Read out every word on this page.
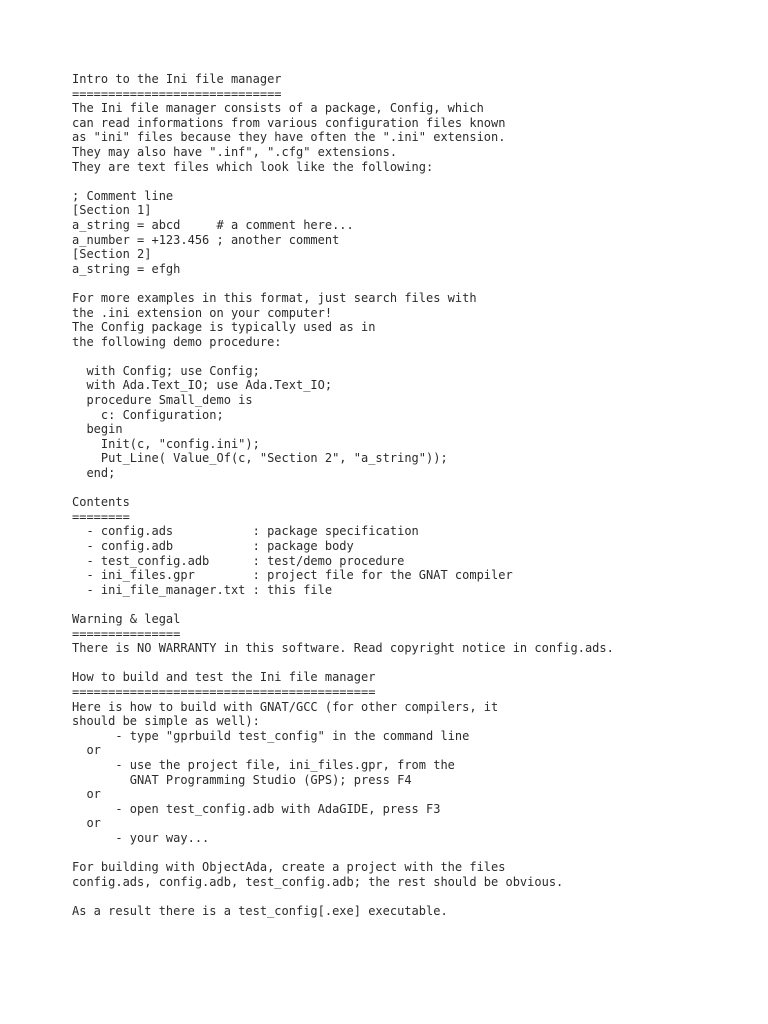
Intro to the Ini file manager
=============================
The Ini file manager consists of a package, Config, which
can read informations from various configuration files known
as "ini" files because they have often the ".ini" extension.
They may also have ".inf", ".cfg" extensions.
They are text files which look like the following:
; Comment line
[Section 1]
a_string = abcd     # a comment here...
a_number = +123.456 ; another comment
[Section 2]
a_string = efgh
For more examples in this format, just search files with
the .ini extension on your computer!
The Config package is typically used as in
the following demo procedure:
with Config; use Config;
with Ada.Text_IO; use Ada.Text_IO;
procedure Small_demo is
c: Configuration;
begin
Init(c, "config.ini");
Put_Line( Value_Of(c, "Section 2", "a_string"));
end;
Contents
========
- config.ads           : package specification
- config.adb           : package body
- test_config.adb      : test/demo procedure
- ini_files.gpr        : project file for the GNAT compiler
- ini_file_manager.txt : this file
Warning & legal
===============
There is NO WARRANTY in this software. Read copyright notice in config.ads.
How to build and test the Ini file manager
==========================================
Here is how to build with GNAT/GCC (for other compilers, it
should be simple as well):
- type "gprbuild test_config" in the command line
or
- use the project file, ini_files.gpr, from the
GNAT Programming Studio (GPS); press F4
or
- open test_config.adb with AdaGIDE, press F3
or
- your way...
For building with ObjectAda, create a project with the files
config.ads, config.adb, test_config.adb; the rest should be obvious.
As a result there is a test_config[.exe] executable.
